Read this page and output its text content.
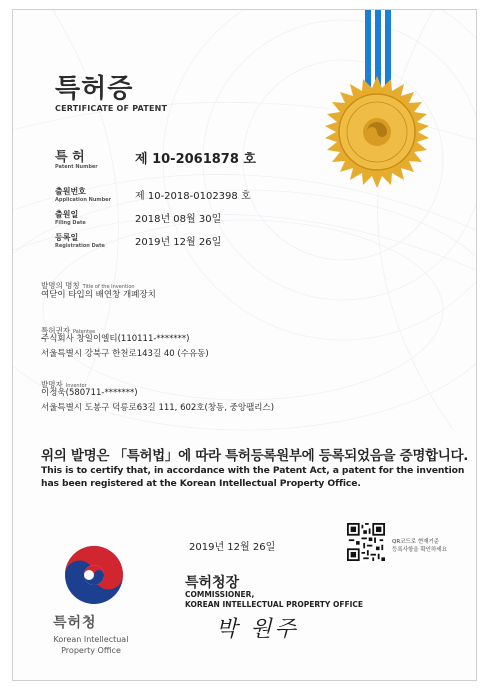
특허증
CERTIFICATE OF PATENT
특 허
Patent Number	제 10-2061878 호
출원번호
Application Number 제 10-2018-0102398 호
출원일
Filing Date	2018년 08월 30일
등록일
Registration Date	2019년 12월 26일
발명의 명칭 Title of the Invention
여닫이 타입의 배연창 개폐장치
특허권자 Patentee
주식회사 창일이엘티(110111-*******)
서울특별시 강북구 한천로143길 40 (수유동)
발명자 Inventor
이정욱(580711-*******)
서울특별시 도봉구 덕릉로63길 111, 602호(창동, 중앙팰리스)
위의 발명은 「특허법」에 따라 특허등록원부에 등록되었음을 증명합니다.
This is to certify that, in accordance with the Patent Act, a patent for the invention
has been registered at the Korean Intellectual Property Office.
2019년 12월 26일	QR코드로 현재기준
등록사항을 확인하세요
특허청장
COMMISSIONER,
KOREAN INTELLECTUAL PROPERTY OFFICE
박 원주
특허청
Korean Intellectual
Property Office
